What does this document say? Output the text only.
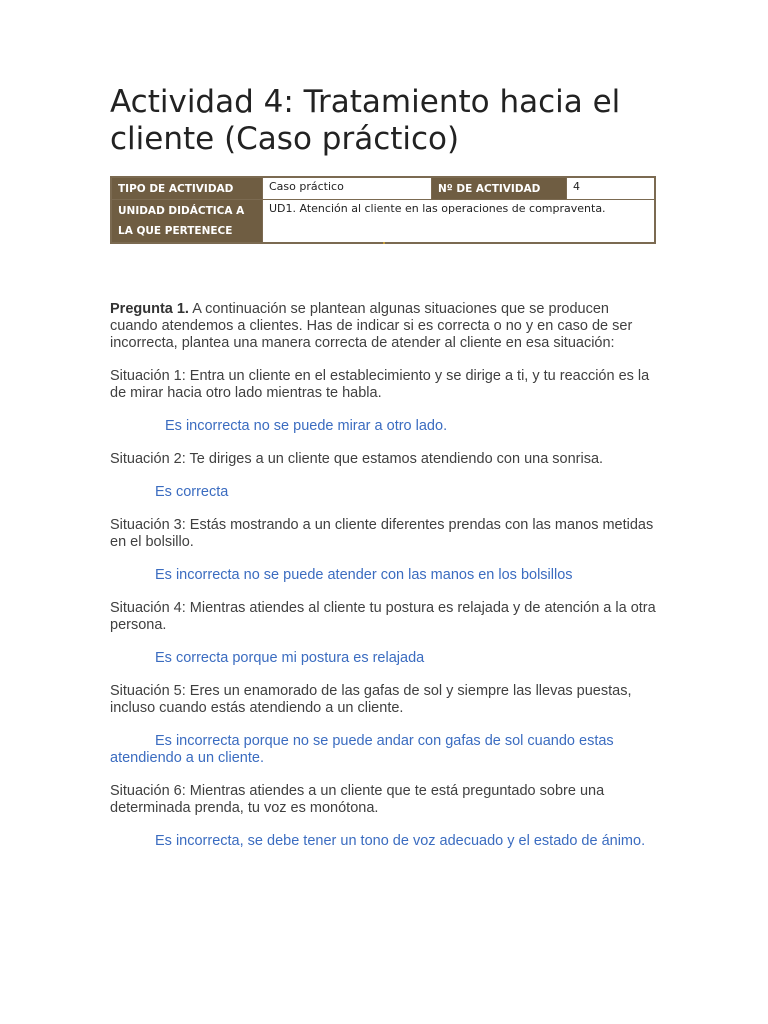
Actividad 4: Tratamiento hacia el cliente (Caso práctico)
TIPO DE ACTIVIDAD	Caso práctico	Nº DE ACTIVIDAD	4
UNIDAD DIDÁCTICA A
LA QUE PERTENECE	UD1. Atención al cliente en las operaciones de compraventa.		

Pregunta 1. A continuación se plantean algunas situaciones que se producen cuando atendemos a clientes. Has de indicar si es correcta o no y en caso de ser incorrecta, plantea una manera correcta de atender al cliente en esa situación:

Situación 1: Entra un cliente en el establecimiento y se dirige a ti, y tu reacción es la de mirar hacia otro lado mientras te habla.

Es incorrecta no se puede mirar a otro lado.

Situación 2: Te diriges a un cliente que estamos atendiendo con una sonrisa.

Es correcta

Situación 3: Estás mostrando a un cliente diferentes prendas con las manos metidas en el bolsillo.

Es incorrecta no se puede atender con las manos en los bolsillos

Situación 4: Mientras atiendes al cliente tu postura es relajada y de atención a la otra persona.

Es correcta porque mi postura es relajada

Situación 5: Eres un enamorado de las gafas de sol y siempre las llevas puestas, incluso cuando estás atendiendo a un cliente.

Es incorrecta porque no se puede andar con gafas de sol cuando estas atendiendo a un cliente.

Situación 6: Mientras atiendes a un cliente que te está preguntado sobre una determinada prenda, tu voz es monótona.

Es incorrecta, se debe tener un tono de voz adecuado y el estado de ánimo.
